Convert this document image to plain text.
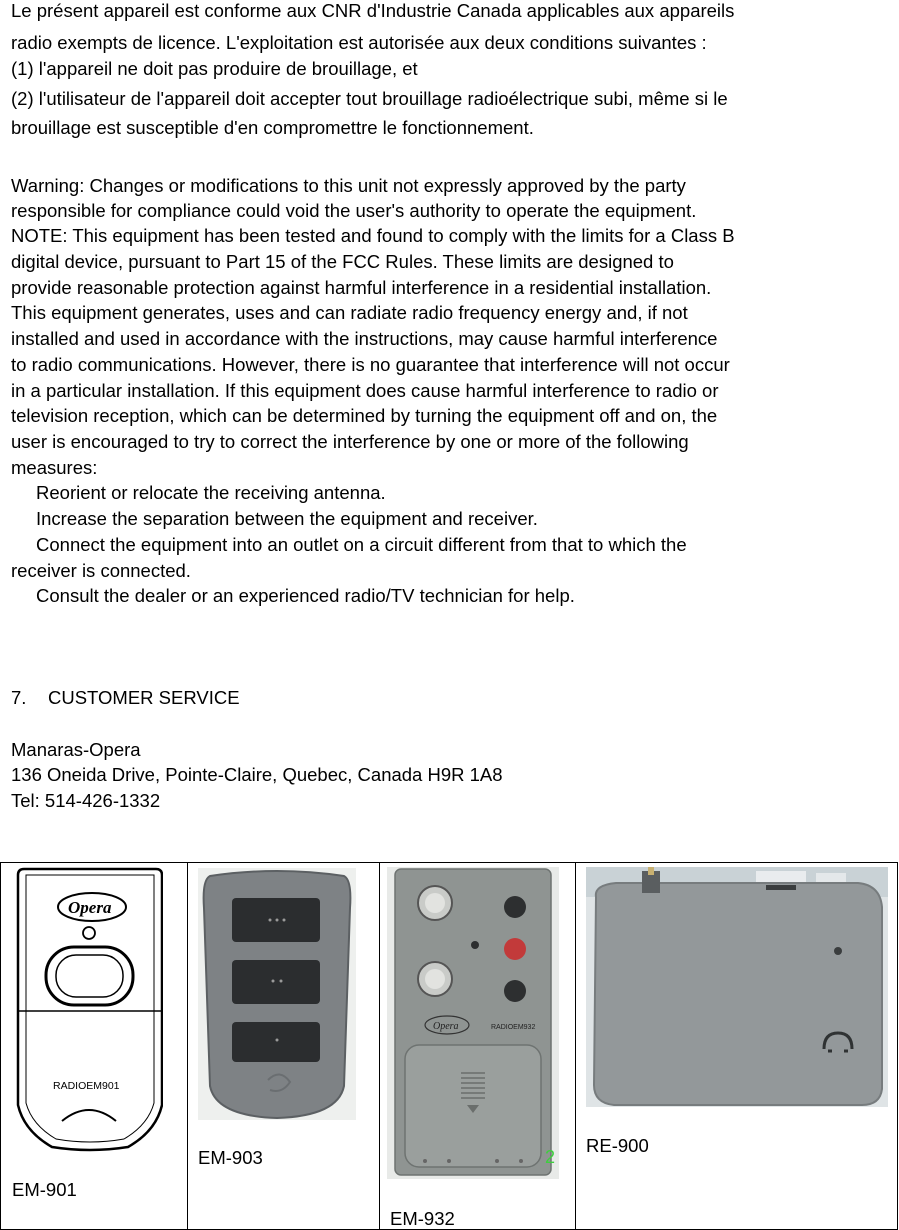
Le présent appareil est conforme aux CNR d'Industrie Canada applicables aux appareils
radio exempts de licence. L'exploitation est autorisée aux deux conditions suivantes :
(1) l'appareil ne doit pas produire de brouillage, et
(2) l'utilisateur de l'appareil doit accepter tout brouillage radioélectrique subi, même si le
brouillage est susceptible d'en compromettre le fonctionnement.
Warning: Changes or modifications to this unit not expressly approved by the party
responsible for compliance could void the user's authority to operate the equipment.
NOTE: This equipment has been tested and found to comply with the limits for a Class B
digital device, pursuant to Part 15 of the FCC Rules. These limits are designed to
provide reasonable protection against harmful interference in a residential installation.
This equipment generates, uses and can radiate radio frequency energy and, if not
installed and used in accordance with the instructions, may cause harmful interference
to radio communications. However, there is no guarantee that interference will not occur
in a particular installation. If this equipment does cause harmful interference to radio or
television reception, which can be determined by turning the equipment off and on, the
user is encouraged to try to correct the interference by one or more of the following
measures:
Reorient or relocate the receiving antenna.
Increase the separation between the equipment and receiver.
Connect the equipment into an outlet on a circuit different from that to which the
receiver is connected.
Consult the dealer or an experienced radio/TV technician for help.
7. CUSTOMER SERVICE
Manaras-Opera
136 Oneida Drive, Pointe-Claire, Quebec, Canada H9R 1A8
Tel: 514-426-1332
Opera
RADIOEM901
EM-901

EM-903

Opera	RADIOEM932
2
EM-932

RE-900
